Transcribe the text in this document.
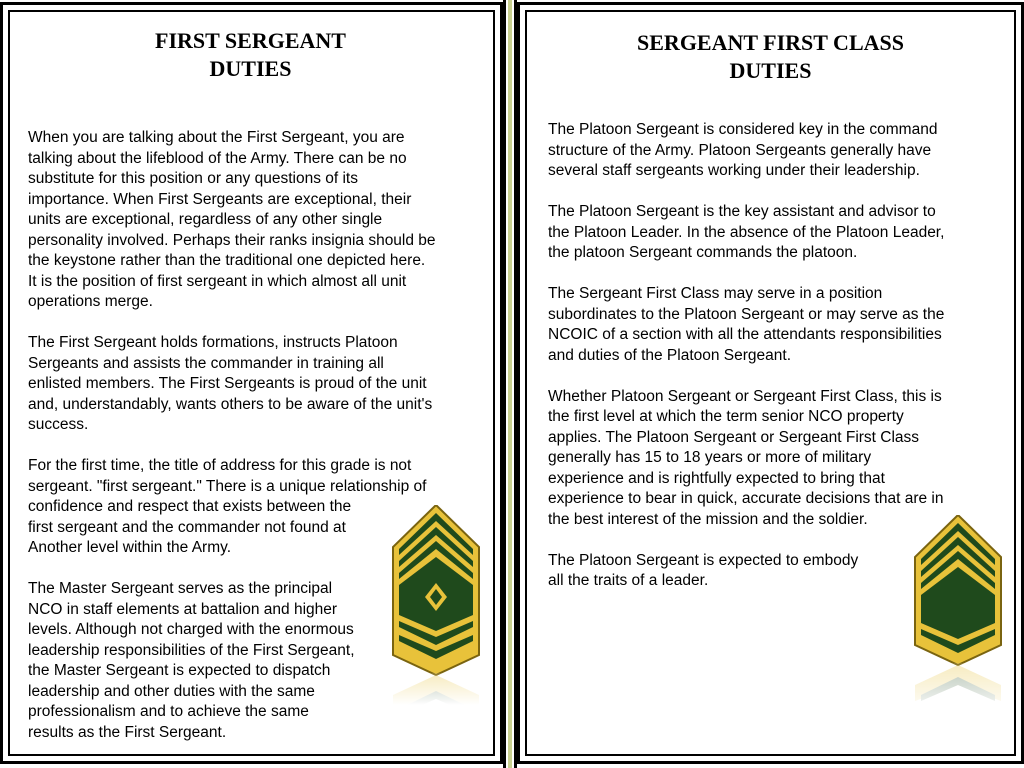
FIRST SERGEANT
DUTIES

When you are talking about the First Sergeant, you are
talking about the lifeblood of the Army. There can be no
substitute for this position or any questions of its
importance. When First Sergeants are exceptional, their
units are exceptional, regardless of any other single
personality involved. Perhaps their ranks insignia should be
the keystone rather than the traditional one depicted here.
It is the position of first sergeant in which almost all unit
operations merge.

The First Sergeant holds formations, instructs Platoon
Sergeants and assists the commander in training all
enlisted members. The First Sergeants is proud of the unit
and, understandably, wants others to be aware of the unit's
success.

For the first time, the title of address for this grade is not
sergeant. "first sergeant." There is a unique relationship of
confidence and respect that exists between the
first sergeant and the commander not found at
Another level within the Army.

The Master Sergeant serves as the principal
NCO in staff elements at battalion and higher
levels. Although not charged with the enormous
leadership responsibilities of the First Sergeant,
the Master Sergeant is expected to dispatch
leadership and other duties with the same
professionalism and to achieve the same
results as the First Sergeant.

SERGEANT FIRST CLASS
DUTIES

The Platoon Sergeant is considered key in the command
structure of the Army. Platoon Sergeants generally have
several staff sergeants working under their leadership.

The Platoon Sergeant is the key assistant and advisor to
the Platoon Leader. In the absence of the Platoon Leader,
the platoon Sergeant commands the platoon.

The Sergeant First Class may serve in a position
subordinates to the Platoon Sergeant or may serve as the
NCOIC of a section with all the attendants responsibilities
and duties of the Platoon Sergeant.

Whether Platoon Sergeant or Sergeant First Class, this is
the first level at which the term senior NCO property
applies. The Platoon Sergeant or Sergeant First Class
generally has 15 to 18 years or more of military
experience and is rightfully expected to bring that
experience to bear in quick, accurate decisions that are in
the best interest of the mission and the soldier.

The Platoon Sergeant is expected to embody
all the traits of a leader.
